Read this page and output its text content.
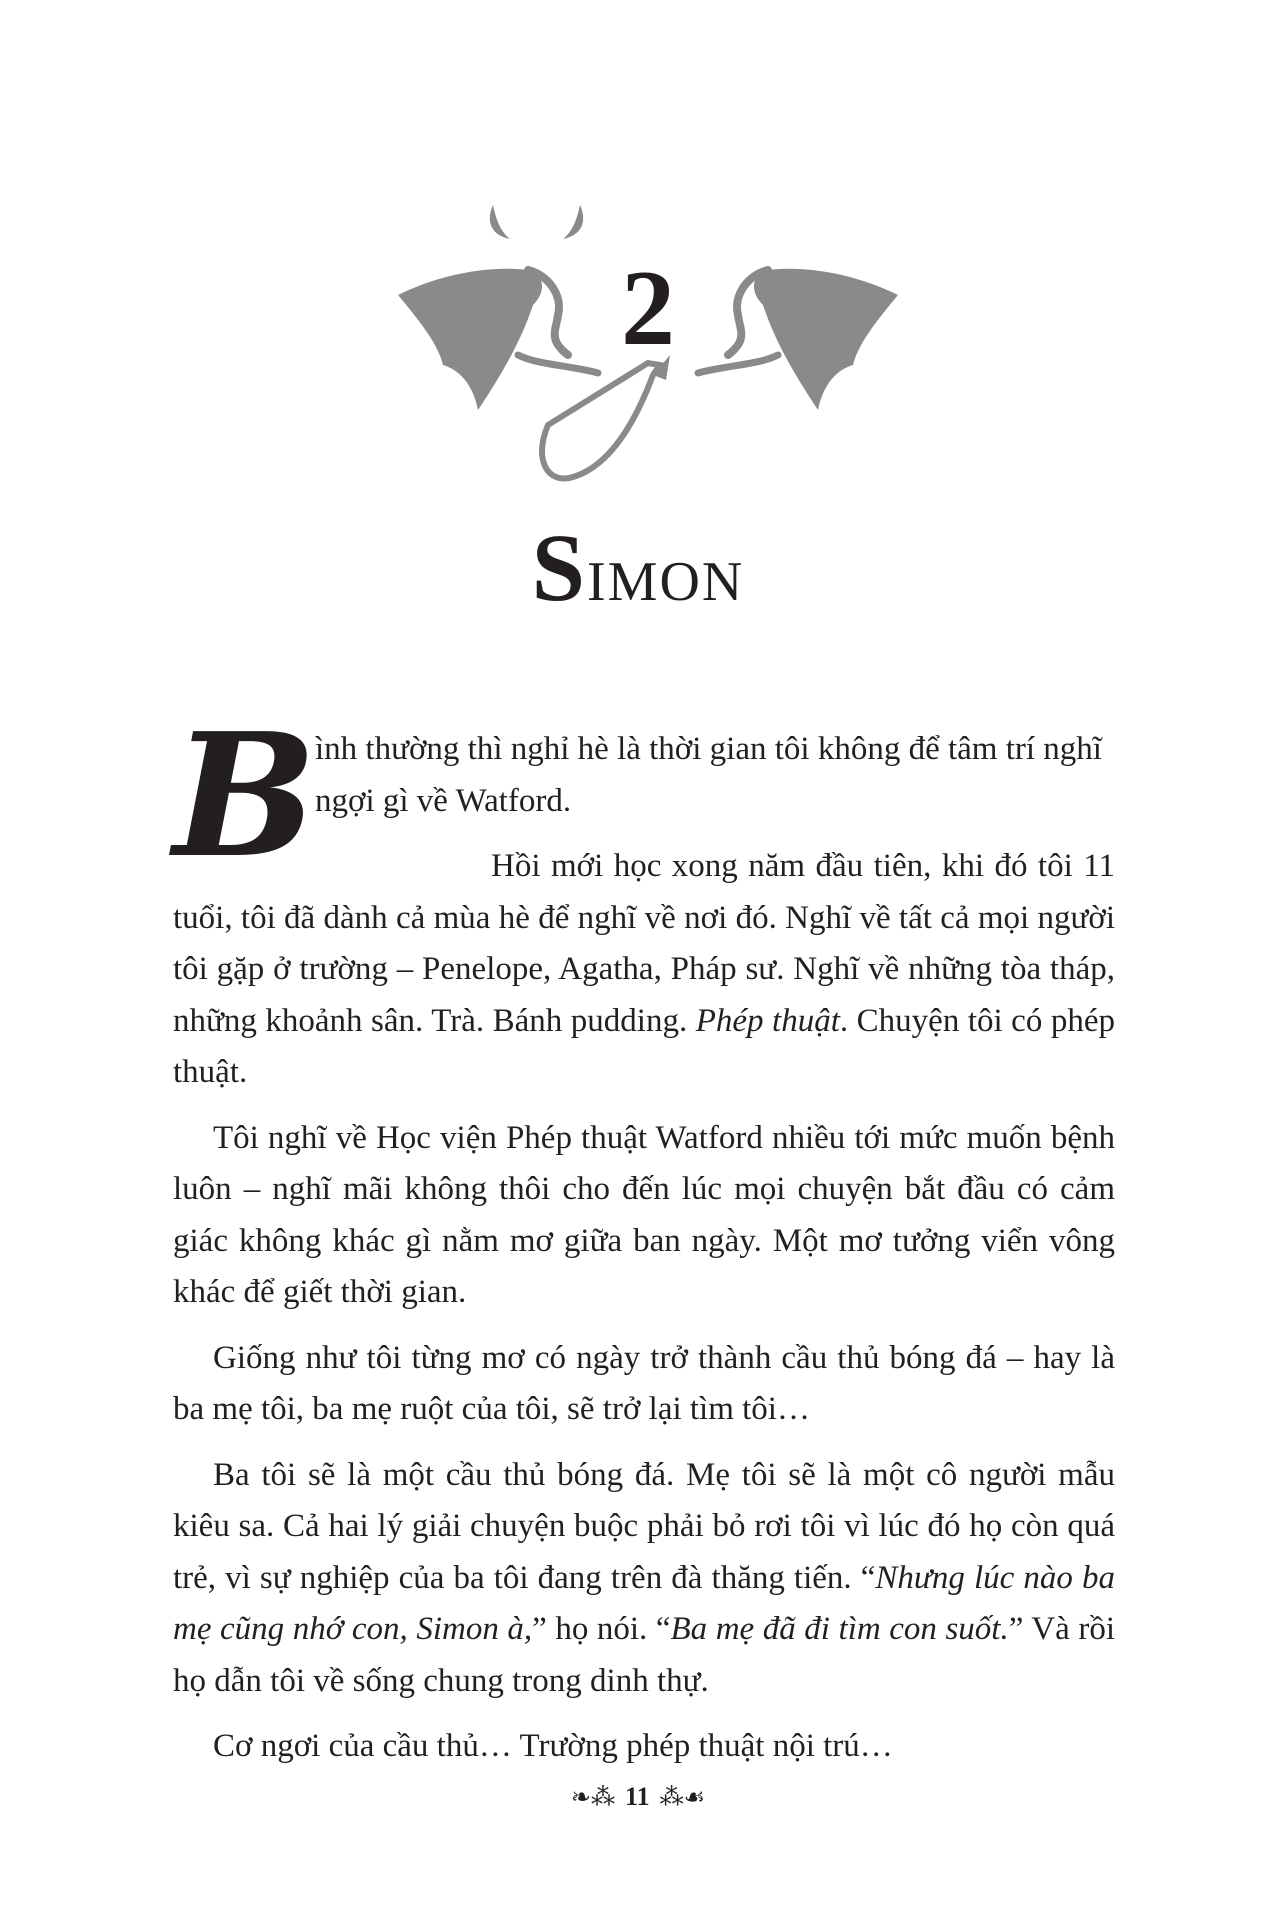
2
SIMON
B

ình thường thì nghỉ hè là thời gian tôi không để tâm trí nghĩ
ngợi gì về Watford.

Hồi mới học xong năm đầu tiên, khi đó tôi 11 tuổi, tôi đã dành cả mùa hè để nghĩ về nơi đó. Nghĩ về tất cả mọi người tôi gặp ở trường – Penelope, Agatha, Pháp sư. Nghĩ về những tòa tháp, những khoảnh sân. Trà. Bánh pudding. Phép thuật. Chuyện tôi có phép thuật.

Tôi nghĩ về Học viện Phép thuật Watford nhiều tới mức muốn bệnh luôn – nghĩ mãi không thôi cho đến lúc mọi chuyện bắt đầu có cảm giác không khác gì nằm mơ giữa ban ngày. Một mơ tưởng viển vông khác để giết thời gian.

Giống như tôi từng mơ có ngày trở thành cầu thủ bóng đá – hay là ba mẹ tôi, ba mẹ ruột của tôi, sẽ trở lại tìm tôi…

Ba tôi sẽ là một cầu thủ bóng đá. Mẹ tôi sẽ là một cô người mẫu kiêu sa. Cả hai lý giải chuyện buộc phải bỏ rơi tôi vì lúc đó họ còn quá trẻ, vì sự nghiệp của ba tôi đang trên đà thăng tiến. “Nhưng lúc nào ba mẹ cũng nhớ con, Simon à,” họ nói. “Ba mẹ đã đi tìm con suốt.” Và rồi họ dẫn tôi về sống chung trong dinh thự.

Cơ ngơi của cầu thủ… Trường phép thuật nội trú…

❧⁂ 11 ⁂☙
